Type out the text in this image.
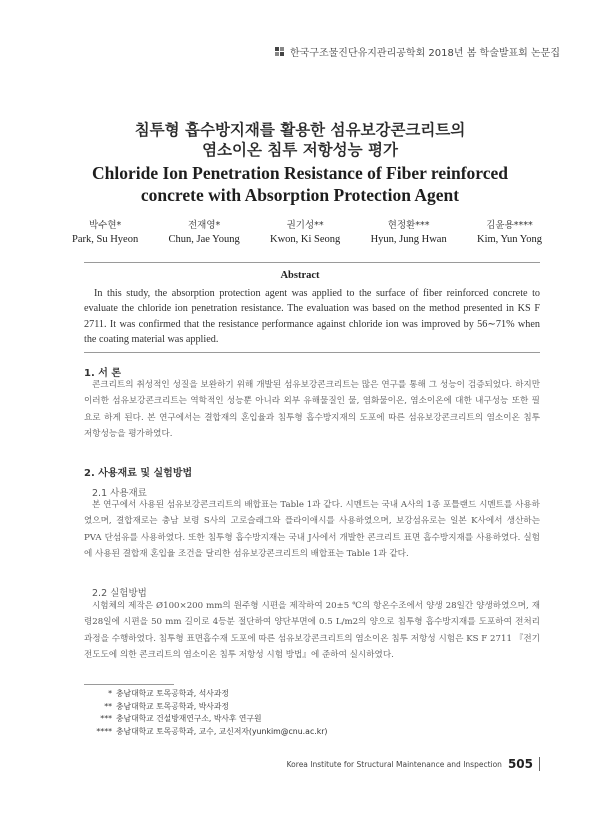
한국구조물진단유지관리공학회 2018년 봄 학술발표회 논문집
침투형 흡수방지재를 활용한 섬유보강콘크리트의
염소이온 침투 저항성능 평가
Chloride Ion Penetration Resistance of Fiber reinforced
concrete with Absorption Protection Agent
박수현*
Park, Su Hyeon
전재영*
Chun, Jae Young
권기성**
Kwon, Ki Seong
현정환***
Hyun, Jung Hwan
김윤용****
Kim, Yun Yong
Abstract

In this study, the absorption protection agent was applied to the surface of fiber reinforced concrete to evaluate the chloride ion penetration resistance. The evaluation was based on the method presented in KS F 2711. It was confirmed that the resistance performance against chloride ion was improved by 56∼71% when the coating material was applied.

1. 서 론

콘크리트의 취성적인 성질을 보완하기 위해 개발된 섬유보강콘크리트는 많은 연구를 통해 그 성능이 검증되었다. 하지만 이러한 섬유보강콘크리트는 역학적인 성능뿐 아니라 외부 유해물질인 물, 염화물이온, 염소이온에 대한 내구성능 또한 필요로 하게 된다. 본 연구에서는 결합재의 혼입율과 침투형 흡수방지재의 도포에 따른 섬유보강콘크리트의 염소이온 침투 저항성능을 평가하였다.

2. 사용재료 및 실험방법
2.1 사용재료

본 연구에서 사용된 섬유보강콘크리트의 배합표는 Table 1과 같다. 시멘트는 국내 A사의 1종 포틀랜드 시멘트를 사용하였으며, 결합재로는 충남 보령 S사의 고로슬래그와 플라이애시를 사용하였으며, 보강섬유로는 일본 K사에서 생산하는 PVA 단섬유를 사용하였다. 또한 침투형 흡수방지재는 국내 J사에서 개발한 콘크리트 표면 흡수방지재를 사용하였다. 실험에 사용된 결합재 혼입율 조건을 달리한 섬유보강콘크리트의 배합표는 Table 1과 같다.

2.2 실험방법

시험체의 제작은 Ø100×200 mm의 원주형 시편을 제작하여 20±5 ℃의 항온수조에서 양생 28일간 양생하였으며, 재령28일에 시편을 50 mm 길이로 4등분 절단하여 양단부면에 0.5 L/m2의 양으로 침투형 흡수방지재를 도포하여 전처리과정을 수행하였다. 침투형 표면흡수재 도포에 따른 섬유보강콘크리트의 염소이온 침투 저항성 시험은 KS F 2711 『전기 전도도에 의한 콘크리트의 염소이온 침투 저항성 시험 방법』에 준하여 실시하였다.

* 충남대학교 토목공학과, 석사과정
** 충남대학교 토목공학과, 박사과정
*** 충남대학교 건설방재연구소, 박사후 연구원
**** 충남대학교 토목공학과, 교수, 교신저자(yunkim@cnu.ac.kr)
Korea Institute for Structural Maintenance and Inspection 505
